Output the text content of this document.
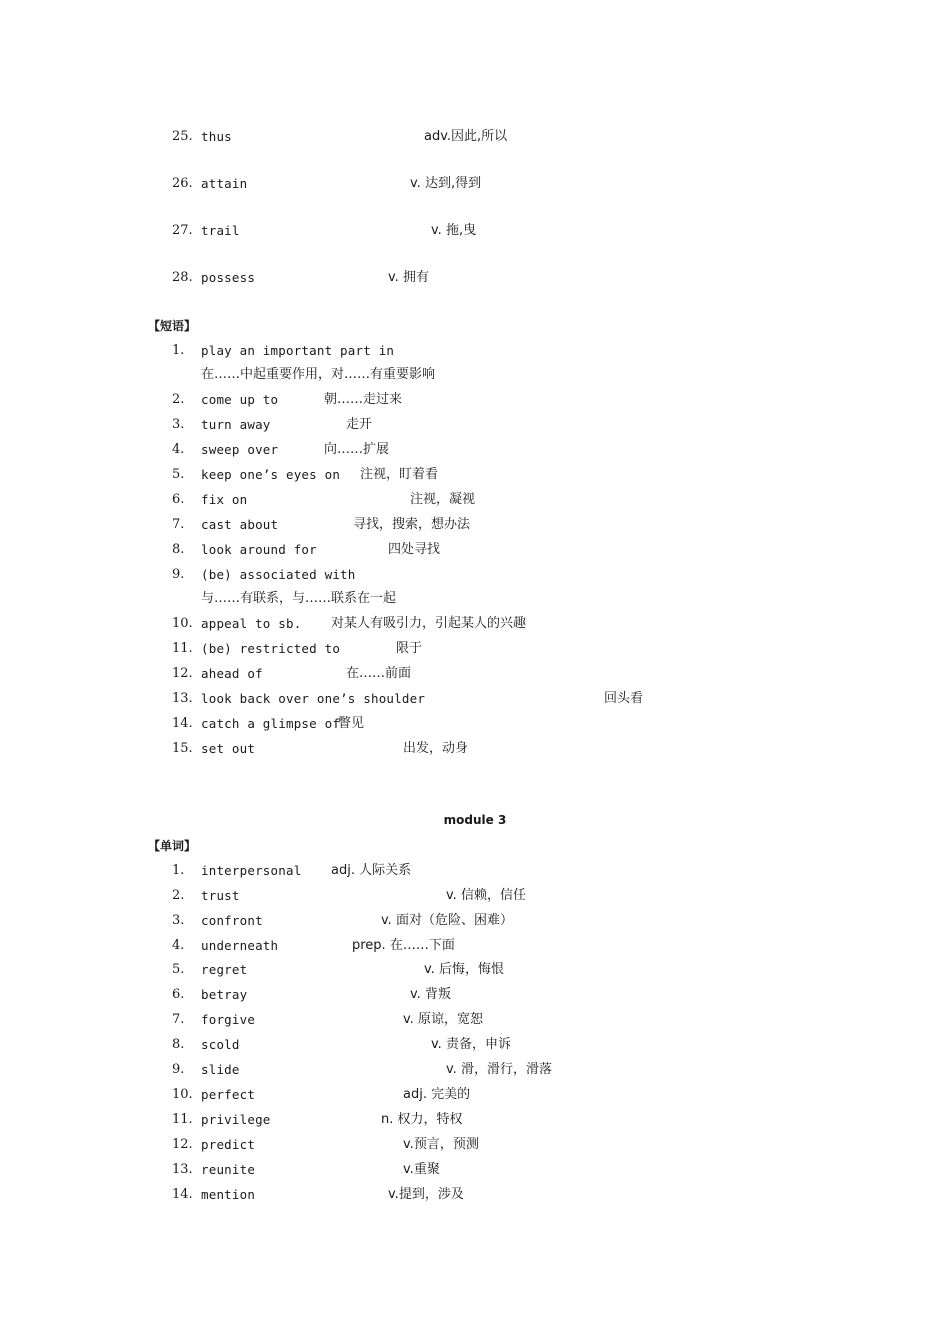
25. thus	adv.因此,所以
26. attain	v. 达到,得到
27. trail	v. 拖,曳
28. possess	v. 拥有
【短语】
1. play an important part in
在……中起重要作用，对……有重要影响
2. come up to	朝……走过来
3. turn away	走开
4. sweep over	向……扩展
5. keep one’s eyes on 注视，盯着看
6. fix on	注视，凝视
7. cast about	寻找，搜索，想办法
8. look around for	四处寻找
9. (be) associated with
与……有联系，与……联系在一起
10. appeal to sb. 对某人有吸引力，引起某人的兴趣
11. (be) restricted to	限于
12. ahead of	在……前面
13. look back over one’s shoulder	回头看
14. catch a glimpse of
瞥见
15. set out	出发，动身
module 3
【单词】
1. interpersonal adj. 人际关系
2. trust	v. 信赖，信任
3. confront	v. 面对（危险、困难）
4. underneath	prep. 在……下面
5. regret	v. 后悔，悔恨
6. betray	v. 背叛
7. forgive	v. 原谅，宽恕
8. scold	v. 责备，申诉
9. slide	v. 滑，滑行，滑落
10. perfect	adj. 完美的
11. privilege	n. 权力，特权
12. predict	v.预言，预测
13. reunite	v.重聚
14. mention	v.提到，涉及
